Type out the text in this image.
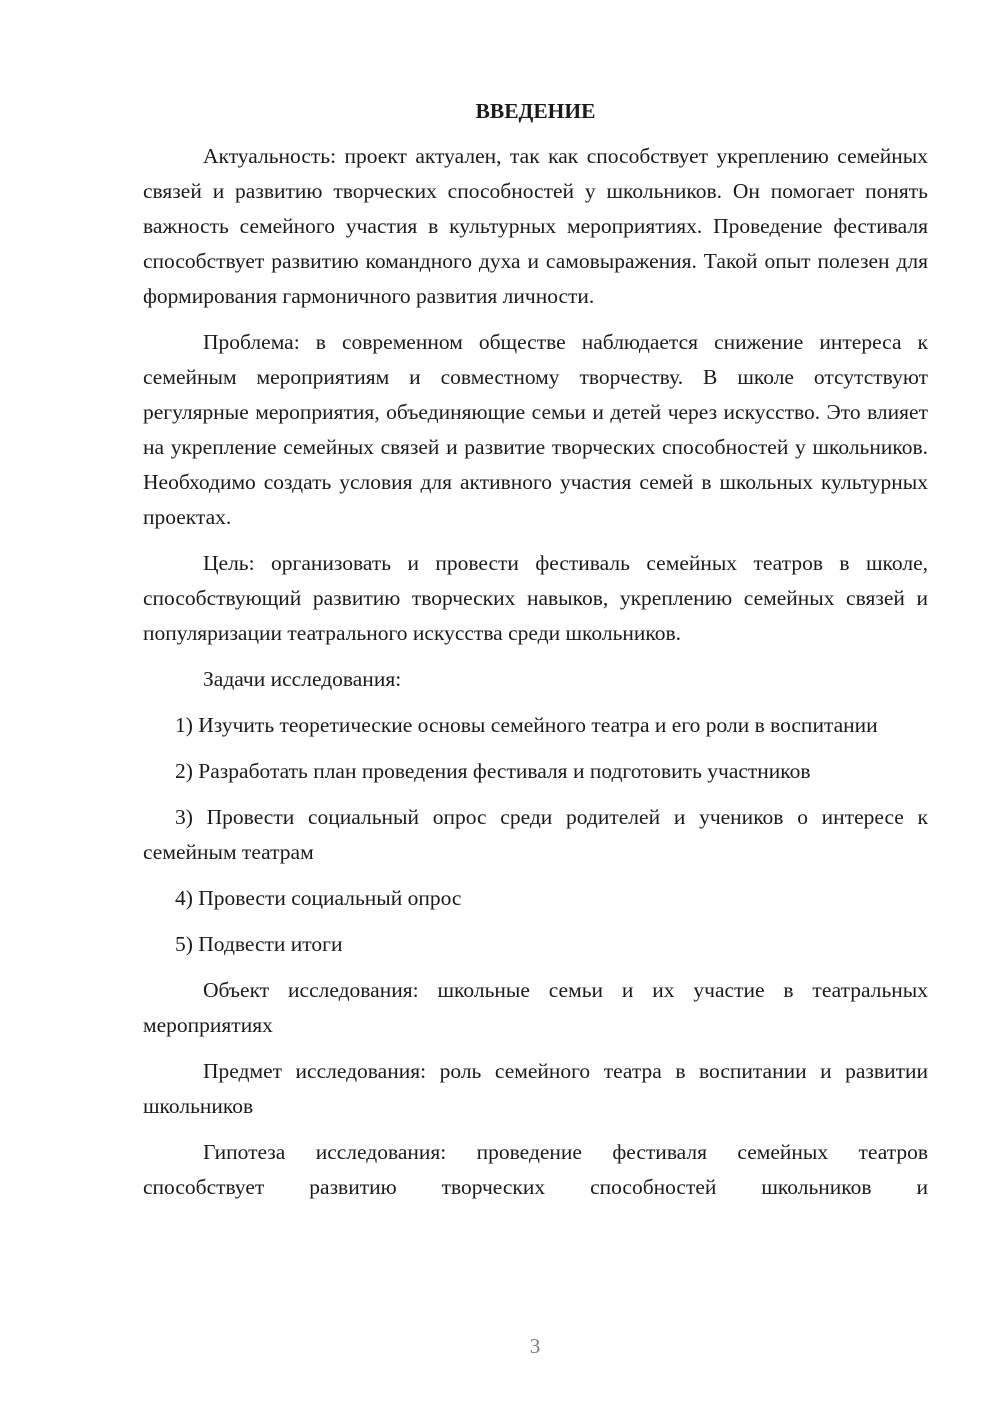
ВВЕДЕНИЕ

Актуальность: проект актуален, так как способствует укреплению семейных связей и развитию творческих способностей у школьников. Он помогает понять важность семейного участия в культурных мероприятиях. Проведение фестиваля способствует развитию командного духа и самовыражения. Такой опыт полезен для формирования гармоничного развития личности.

Проблема: в современном обществе наблюдается снижение интереса к семейным мероприятиям и совместному творчеству. В школе отсутствуют регулярные мероприятия, объединяющие семьи и детей через искусство. Это влияет на укрепление семейных связей и развитие творческих способностей у школьников. Необходимо создать условия для активного участия семей в школьных культурных проектах.

Цель: организовать и провести фестиваль семейных театров в школе, способствующий развитию творческих навыков, укреплению семейных связей и популяризации театрального искусства среди школьников.

Задачи исследования:

1) Изучить теоретические основы семейного театра и его роли в воспитании

2) Разработать план проведения фестиваля и подготовить участников

3) Провести социальный опрос среди родителей и учеников о интересе к семейным театрам

4) Провести социальный опрос

5) Подвести итоги

Объект исследования: школьные семьи и их участие в театральных мероприятиях

Предмет исследования: роль семейного театра в воспитании и развитии школьников

Гипотеза исследования: проведение фестиваля семейных театров способствует развитию творческих способностей школьников и

3
